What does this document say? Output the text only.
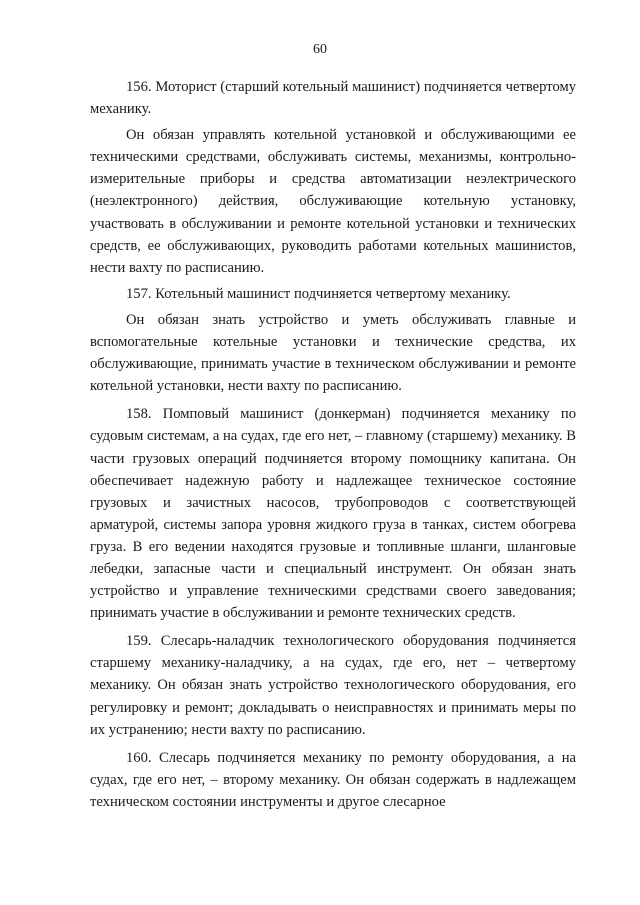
60

156. Моторист (старший котельный машинист) подчиняется четвертому механику.

Он обязан управлять котельной установкой и обслуживающими ее техническими средствами, обслуживать системы, механизмы, контрольно-измерительные приборы и средства автоматизации неэлектрического (неэлектронного) действия, обслуживающие котельную установку, участвовать в обслуживании и ремонте котельной установки и технических средств, ее обслуживающих, руководить работами котельных машинистов, нести вахту по расписанию.

157. Котельный машинист подчиняется четвертому механику.

Он обязан знать устройство и уметь обслуживать главные и вспомогательные котельные установки и технические средства, их обслуживающие, принимать участие в техническом обслуживании и ремонте котельной установки, нести вахту по расписанию.

158. Помповый машинист (донкерман) подчиняется механику по судовым системам, а на судах, где его нет, – главному (старшему) механику. В части грузовых операций подчиняется второму помощнику капитана. Он обеспечивает надежную работу и надлежащее техническое состояние грузовых и зачистных насосов, трубопроводов с соответствующей арматурой, системы запора уровня жидкого груза в танках, систем обогрева груза. В его ведении находятся грузовые и топливные шланги, шланговые лебедки, запасные части и специальный инструмент. Он обязан знать устройство и управление техническими средствами своего заведования; принимать участие в обслуживании и ремонте технических средств.

159. Слесарь-наладчик технологического оборудования подчиняется старшему механику-наладчику, а на судах, где его, нет – четвертому механику. Он обязан знать устройство технологического оборудования, его регулировку и ремонт; докладывать о неисправностях и принимать меры по их устранению; нести вахту по расписанию.

160. Слесарь подчиняется механику по ремонту оборудования, а на судах, где его нет, – второму механику. Он обязан содержать в надлежащем техническом состоянии инструменты и другое слесарное
